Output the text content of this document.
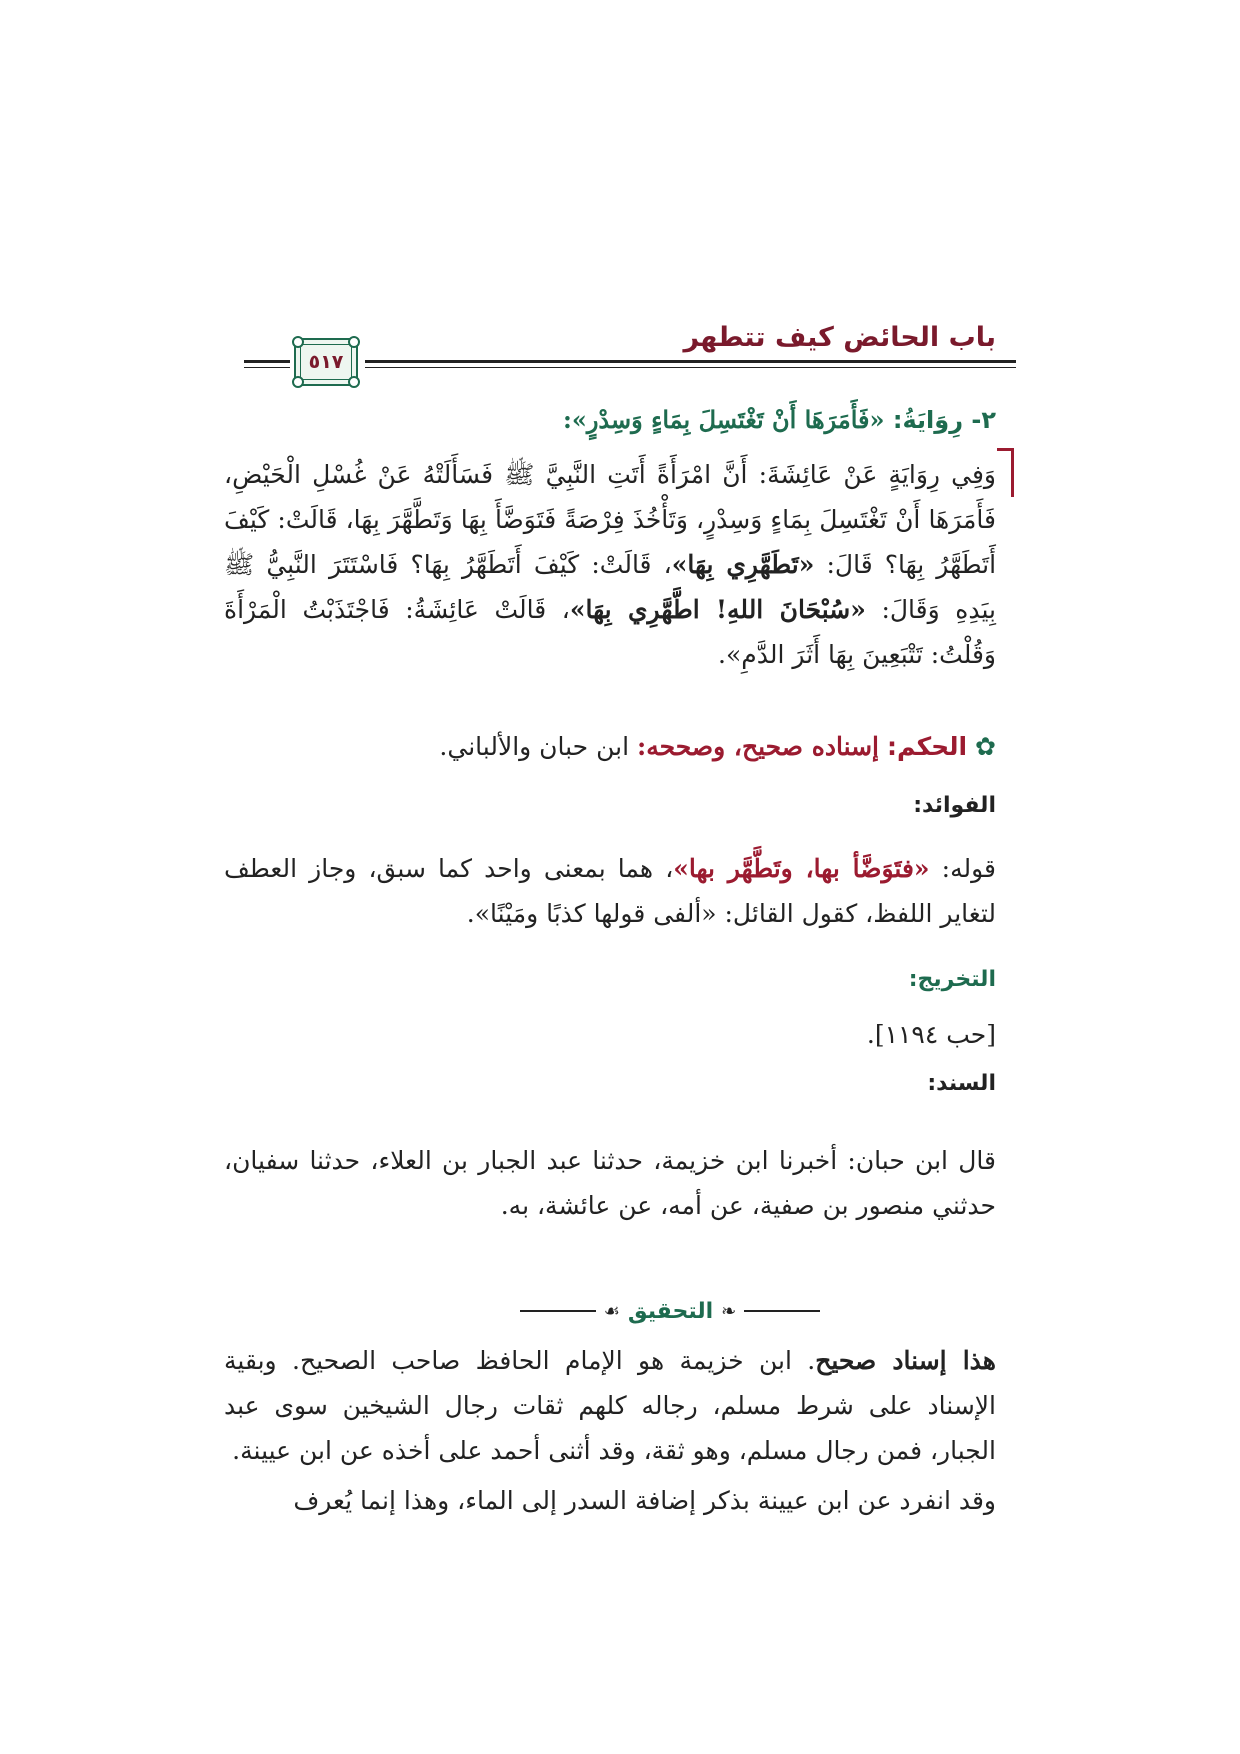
باب الحائض كيف تتطهر
٥١٧
٢- رِوَايَةُ: «فَأَمَرَهَا أَنْ تَغْتَسِلَ بِمَاءٍ وَسِدْرٍ»:
وَفِي رِوَايَةٍ عَنْ عَائِشَةَ: أَنَّ امْرَأَةً أَتَتِ النَّبِيَّ ﷺ فَسَأَلَتْهُ عَنْ غُسْلِ الْحَيْضِ، فَأَمَرَهَا أَنْ تَغْتَسِلَ بِمَاءٍ وَسِدْرٍ، وَتَأْخُذَ فِرْصَةً فَتَوَضَّأَ بِهَا وَتَطَّهَّرَ بِهَا، قَالَتْ: كَيْفَ أَتَطَهَّرُ بِهَا؟ قَالَ: «تَطَهَّرِي بِهَا»، قَالَتْ: كَيْفَ أَتَطَهَّرُ بِهَا؟ فَاسْتَتَرَ النَّبِيُّ ﷺ بِيَدِهِ وَقَالَ: «سُبْحَانَ اللهِ! اطَّهَّرِي بِهَا»، قَالَتْ عَائِشَةُ: فَاجْتَذَبْتُ الْمَرْأَةَ وَقُلْتُ: تَتْبَعِينَ بِهَا أَثَرَ الدَّمِ».
✿ الحكم: إسناده صحيح، وصححه: ابن حبان والألباني.
الفوائد:
قوله: «فتَوَضَّأ بها، وتَطَّهَّر بها»، هما بمعنى واحد كما سبق، وجاز العطف لتغاير اللفظ، كقول القائل: «ألفى قولها كذبًا ومَيْنًا».
التخريج:
[حب ١١٩٤].
السند:
قال ابن حبان: أخبرنا ابن خزيمة، حدثنا عبد الجبار بن العلاء، حدثنا سفيان، حدثني منصور بن صفية، عن أمه، عن عائشة، به.
❧
التحقيق
☙
هذا إسناد صحيح. ابن خزيمة هو الإمام الحافظ صاحب الصحيح. وبقية الإسناد على شرط مسلم، رجاله كلهم ثقات رجال الشيخين سوى عبد الجبار، فمن رجال مسلم، وهو ثقة، وقد أثنى أحمد على أخذه عن ابن عيينة.
وقد انفرد عن ابن عيينة بذكر إضافة السدر إلى الماء، وهذا إنما يُعرف
